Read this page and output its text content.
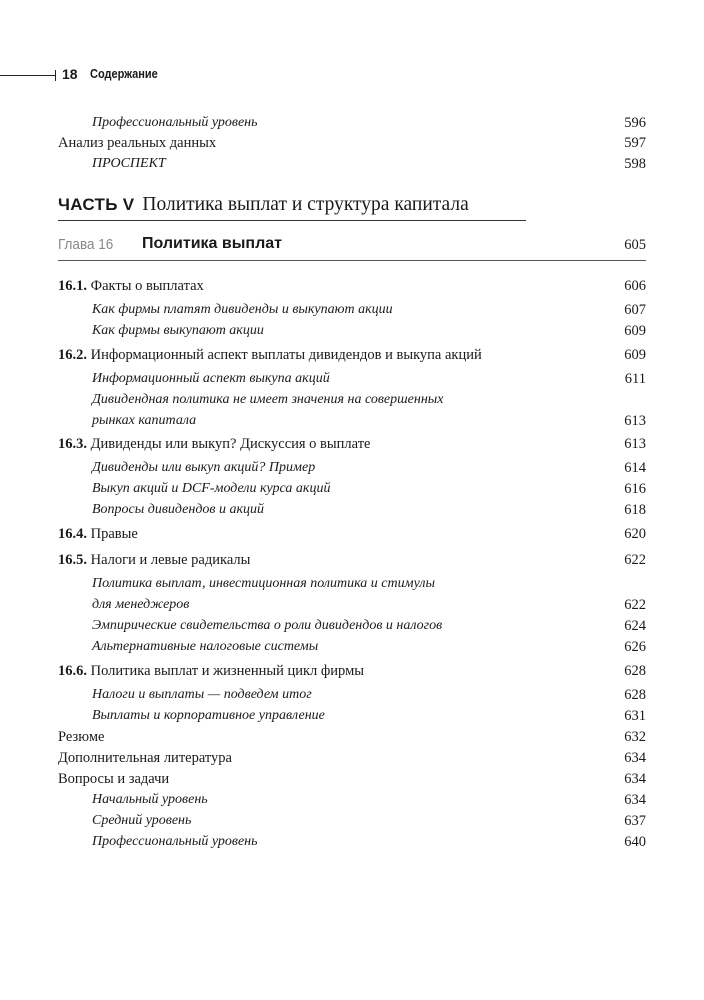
18 Содержание
Профессиональный уровень	596
Анализ реальных данных	597
ПРОСПЕКТ	598
ЧАСТЬ V Политика выплат и структура капитала
Глава 16 Политика выплат	605
16.1. Факты о выплатах	606
Как фирмы платят дивиденды и выкупают акции	607
Как фирмы выкупают акции	609
16.2. Информационный аспект выплаты дивидендов и выкупа акций	609
Информационный аспект выкупа акций	611
Дивидендная политика не имеет значения на совершенных
рынках капитала	613
16.3. Дивиденды или выкуп? Дискуссия о выплате	613
Дивиденды или выкуп акций? Пример	614
Выкуп акций и DCF-модели курса акций	616
Вопросы дивидендов и акций	618
16.4. Правые	620
16.5. Налоги и левые радикалы	622
Политика выплат, инвестиционная политика и стимулы
для менеджеров	622
Эмпирические свидетельства о роли дивидендов и налогов	624
Альтернативные налоговые системы	626
16.6. Политика выплат и жизненный цикл фирмы	628
Налоги и выплаты — подведем итог	628
Выплаты и корпоративное управление	631
Резюме	632
Дополнительная литература	634
Вопросы и задачи	634
Начальный уровень	634
Средний уровень	637
Профессиональный уровень	640
